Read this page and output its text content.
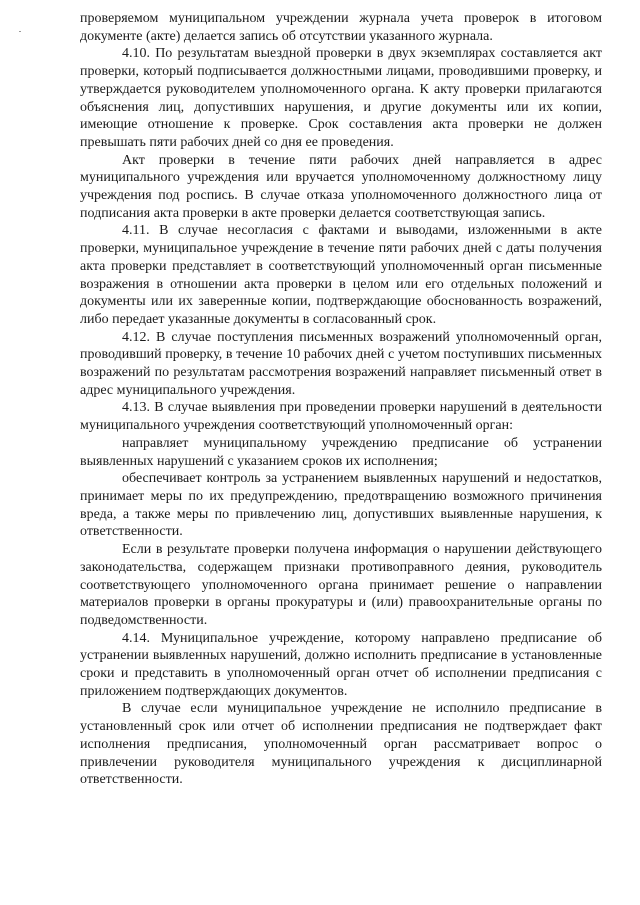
проверяемом муниципальном учреждении журнала учета проверок в итоговом документе (акте) делается запись об отсутствии указанного журнала.

4.10. По результатам выездной проверки в двух экземплярах составляется акт проверки, который подписывается должностными лицами, проводившими проверку, и утверждается руководителем уполномоченного органа. К акту проверки прилагаются объяснения лиц, допустивших нарушения, и другие документы или их копии, имеющие отношение к проверке. Срок составления акта проверки не должен превышать пяти рабочих дней со дня ее проведения.

Акт проверки в течение пяти рабочих дней направляется в адрес муниципального учреждения или вручается уполномоченному должностному лицу учреждения под роспись. В случае отказа уполномоченного должностного лица от подписания акта проверки в акте проверки делается соответствующая запись.

4.11. В случае несогласия с фактами и выводами, изложенными в акте проверки, муниципальное учреждение в течение пяти рабочих дней с даты получения акта проверки представляет в соответствующий уполномоченный орган письменные возражения в отношении акта проверки в целом или его отдельных положений и документы или их заверенные копии, подтверждающие обоснованность возражений, либо передает указанные документы в согласованный срок.

4.12. В случае поступления письменных возражений уполномоченный орган, проводивший проверку, в течение 10 рабочих дней с учетом поступивших письменных возражений по результатам рассмотрения возражений направляет письменный ответ в адрес муниципального учреждения.

4.13. В случае выявления при проведении проверки нарушений в деятельности муниципального учреждения соответствующий уполномоченный орган:

направляет муниципальному учреждению предписание об устранении выявленных нарушений с указанием сроков их исполнения;

обеспечивает контроль за устранением выявленных нарушений и недостатков, принимает меры по их предупреждению, предотвращению возможного причинения вреда, а также меры по привлечению лиц, допустивших выявленные нарушения, к ответственности.

Если в результате проверки получена информация о нарушении действующего законодательства, содержащем признаки противоправного деяния, руководитель соответствующего уполномоченного органа принимает решение о направлении материалов проверки в органы прокуратуры и (или) правоохранительные органы по подведомственности.

4.14. Муниципальное учреждение, которому направлено предписание об устранении выявленных нарушений, должно исполнить предписание в установленные сроки и представить в уполномоченный орган отчет об исполнении предписания с приложением подтверждающих документов.

В случае если муниципальное учреждение не исполнило предписание в установленный срок или отчет об исполнении предписания не подтверждает факт исполнения предписания, уполномоченный орган рассматривает вопрос о привлечении руководителя муниципального учреждения к дисциплинарной ответственности.
